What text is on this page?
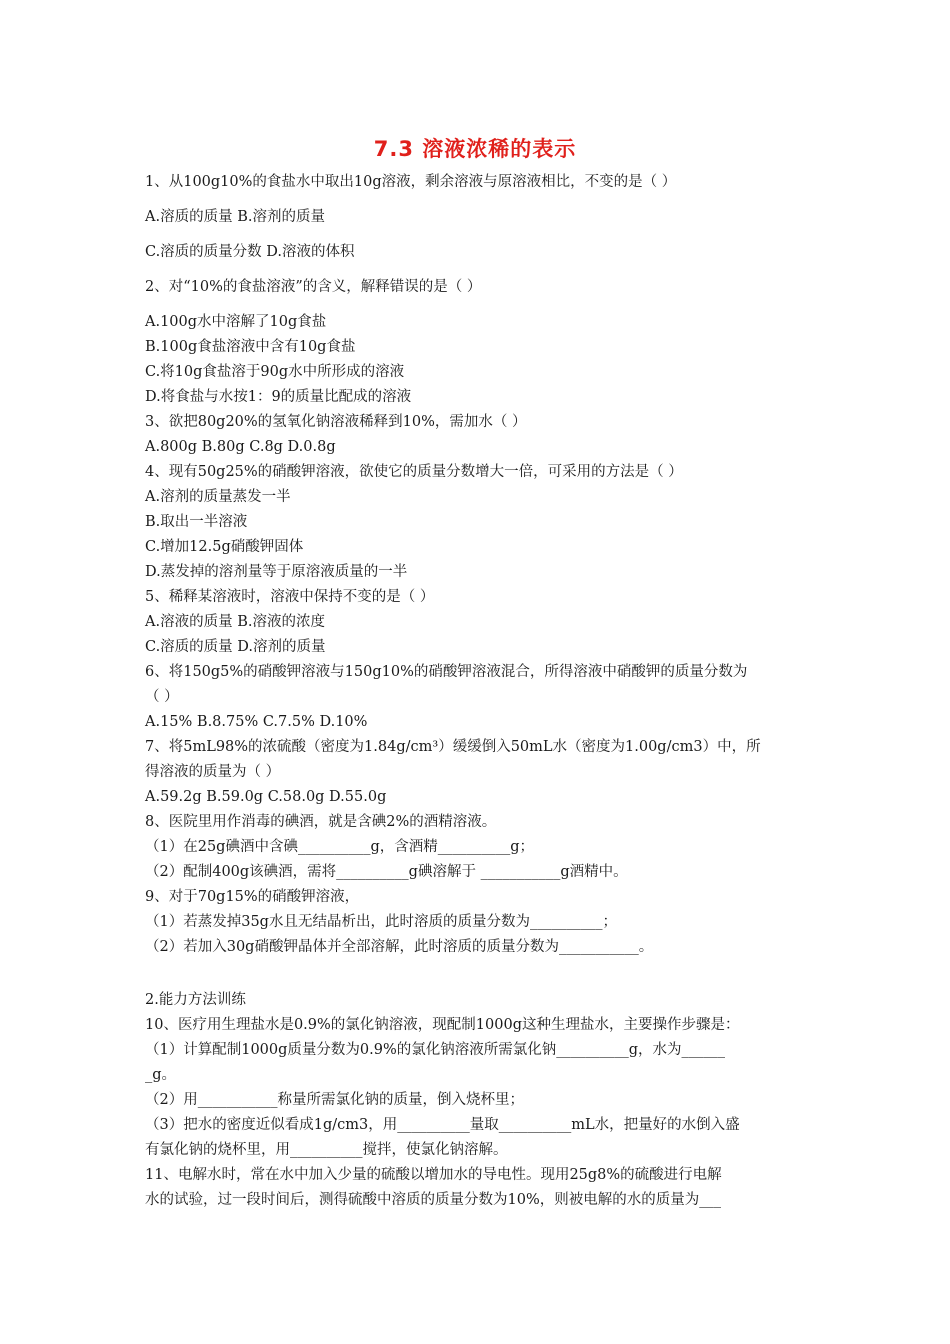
7.3 溶液浓稀的表示
1、从100g10%的食盐水中取出10g溶液，剩余溶液与原溶液相比，不变的是（ ）
A.溶质的质量 B.溶剂的质量
C.溶质的质量分数 D.溶液的体积
2、对“10%的食盐溶液”的含义，解释错误的是（ ）
A.100g水中溶解了10g食盐
B.100g食盐溶液中含有10g食盐
C.将10g食盐溶于90g水中所形成的溶液
D.将食盐与水按1：9的质量比配成的溶液
3、欲把80g20%的氢氧化钠溶液稀释到10%，需加水（ ）
A.800g B.80g C.8g D.0.8g
4、现有50g25%的硝酸钾溶液，欲使它的质量分数增大一倍，可采用的方法是（ ）
A.溶剂的质量蒸发一半
B.取出一半溶液
C.增加12.5g硝酸钾固体
D.蒸发掉的溶剂量等于原溶液质量的一半
5、稀释某溶液时，溶液中保持不变的是（ ）
A.溶液的质量 B.溶液的浓度
C.溶质的质量 D.溶剂的质量
6、将150g5%的硝酸钾溶液与150g10%的硝酸钾溶液混合，所得溶液中硝酸钾的质量分数为
（ ）
A.15% B.8.75% C.7.5% D.10%
7、将5mL98%的浓硫酸（密度为1.84g/cm³）缓缓倒入50mL水（密度为1.00g/cm3）中，所
得溶液的质量为（ ）
A.59.2g B.59.0g C.58.0g D.55.0g
8、医院里用作消毒的碘酒，就是含碘2%的酒精溶液。
（1）在25g碘酒中含碘__________g，含酒精__________g；
（2）配制400g该碘酒，需将__________g碘溶解于 ___________g酒精中。
9、对于70g15%的硝酸钾溶液，
（1）若蒸发掉35g水且无结晶析出，此时溶质的质量分数为__________；
（2）若加入30g硝酸钾晶体并全部溶解，此时溶质的质量分数为___________。
2.能力方法训练
10、医疗用生理盐水是0.9%的氯化钠溶液，现配制1000g这种生理盐水，主要操作步骤是：
（1）计算配制1000g质量分数为0.9%的氯化钠溶液所需氯化钠__________g，水为______
_g。
（2）用___________称量所需氯化钠的质量，倒入烧杯里；
（3）把水的密度近似看成1g/cm3，用__________量取__________mL水，把量好的水倒入盛
有氯化钠的烧杯里，用__________搅拌，使氯化钠溶解。
11、电解水时，常在水中加入少量的硫酸以增加水的导电性。现用25g8%的硫酸进行电解
水的试验，过一段时间后，测得硫酸中溶质的质量分数为10%，则被电解的水的质量为___
